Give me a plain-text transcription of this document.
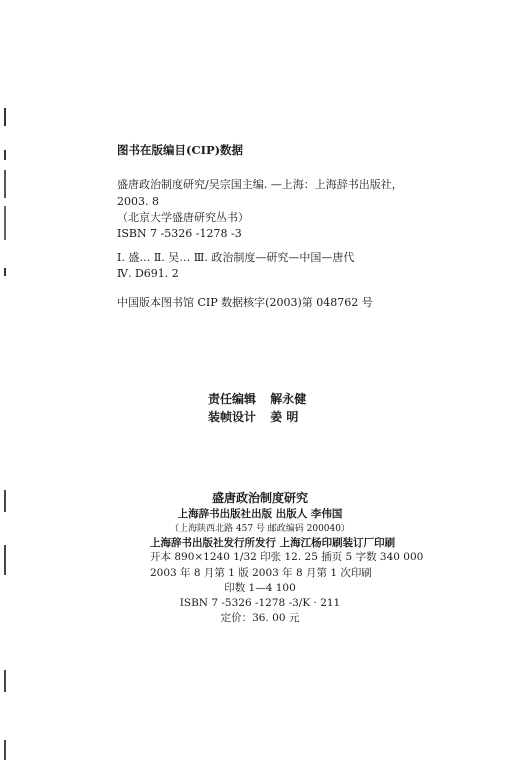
图书在版编目(CIP)数据
盛唐政治制度研究/吴宗国主编. —上海：上海辞书出版社，
2003. 8
（北京大学盛唐研究丛书）
ISBN 7 -5326 -1278 -3
Ⅰ. 盛… Ⅱ. 吴… Ⅲ. 政治制度—研究—中国—唐代
Ⅳ. D691. 2
中国版本图书馆 CIP 数据核字(2003)第 048762 号
责任编辑 解永健
装帧设计 姜 明
盛唐政治制度研究
上海辞书出版社出版 出版人 李伟国
（上海陕西北路 457 号 邮政编码 200040）
上海辞书出版社发行所发行 上海江杨印刷装订厂印刷
开本 890×1240 1/32 印张 12. 25 插页 5 字数 340 000
2003 年 8 月第 1 版 2003 年 8 月第 1 次印刷
印数 1—4 100
ISBN 7 -5326 -1278 -3/K · 211
定价：36. 00 元
